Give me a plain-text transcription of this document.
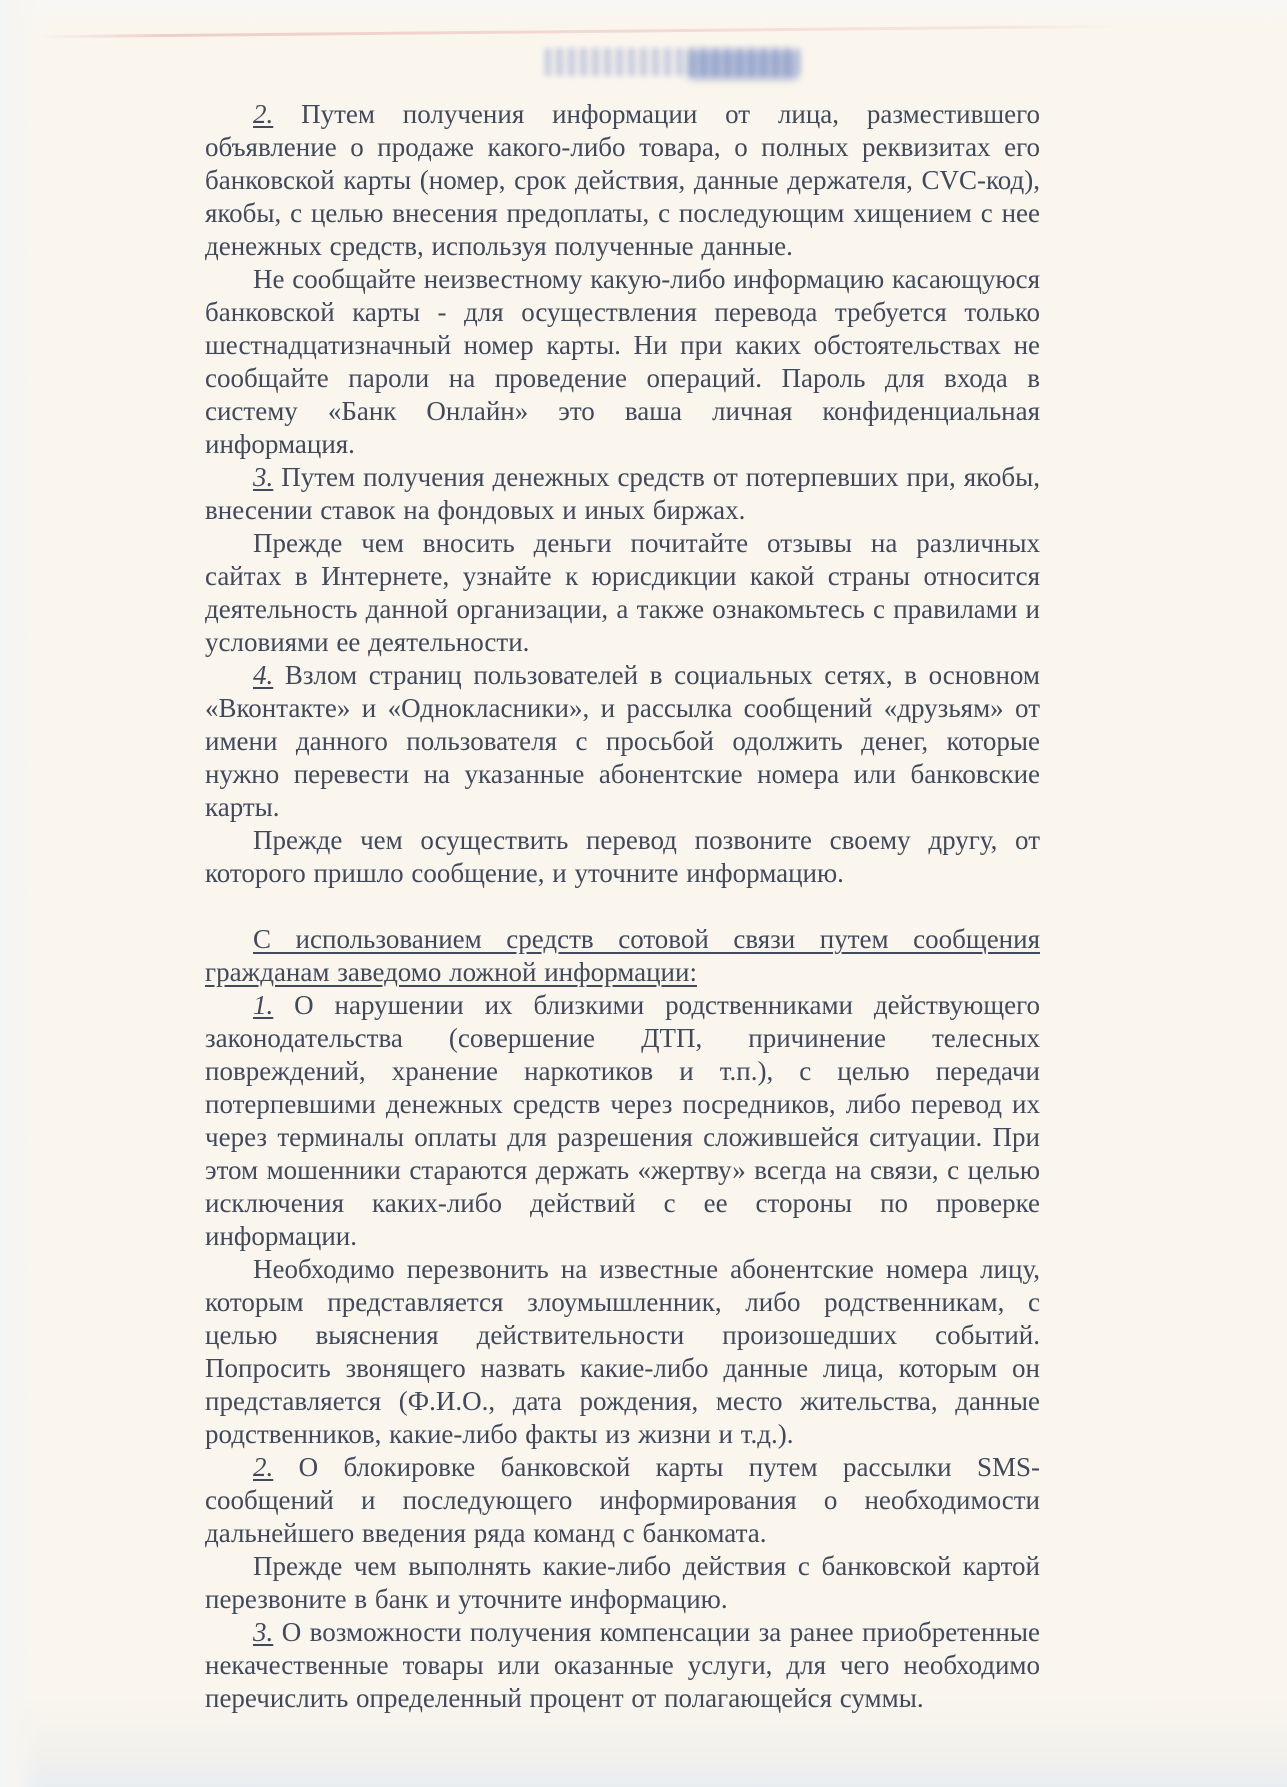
2. Путем получения информации от лица, разместившего объявление о продаже какого-либо товара, о полных реквизитах его банковской карты (номер, срок действия, данные держателя, CVC-код), якобы, с целью внесения предоплаты, с последующим хищением с нее денежных средств, используя полученные данные.

Не сообщайте неизвестному какую-либо информацию касающуюся банковской карты - для осуществления перевода требуется только шестнадцатизначный номер карты. Ни при каких обстоятельствах не сообщайте пароли на проведение операций. Пароль для входа в систему «Банк Онлайн» это ваша личная конфиденциальная информация.

3. Путем получения денежных средств от потерпевших при, якобы, внесении ставок на фондовых и иных биржах.

Прежде чем вносить деньги почитайте отзывы на различных сайтах в Интернете, узнайте к юрисдикции какой страны относится деятельность данной организации, а также ознакомьтесь с правилами и условиями ее деятельности.

4. Взлом страниц пользователей в социальных сетях, в основном «Вконтакте» и «Однокласники», и рассылка сообщений «друзьям» от имени данного пользователя с просьбой одолжить денег, которые нужно перевести на указанные абонентские номера или банковские карты.

Прежде чем осуществить перевод позвоните своему другу, от которого пришло сообщение, и уточните информацию.

С использованием средств сотовой связи путем сообщения гражданам заведомо ложной информации:

1. О нарушении их близкими родственниками действующего законодательства (совершение ДТП, причинение телесных повреждений, хранение наркотиков и т.п.), с целью передачи потерпевшими денежных средств через посредников, либо перевод их через терминалы оплаты для разрешения сложившейся ситуации. При этом мошенники стараются держать «жертву» всегда на связи, с целью исключения каких-либо действий с ее стороны по проверке информации.

Необходимо перезвонить на известные абонентские номера лицу, которым представляется злоумышленник, либо родственникам, с целью выяснения действительности произошедших событий. Попросить звонящего назвать какие-либо данные лица, которым он представляется (Ф.И.О., дата рождения, место жительства, данные родственников, какие-либо факты из жизни и т.д.).

2. О блокировке банковской карты путем рассылки SMS-сообщений и последующего информирования о необходимости дальнейшего введения ряда команд с банкомата.

Прежде чем выполнять какие-либо действия с банковской картой перезвоните в банк и уточните информацию.

3. О возможности получения компенсации за ранее приобретенные некачественные товары или оказанные услуги, для чего необходимо перечислить определенный процент от полагающейся суммы.
